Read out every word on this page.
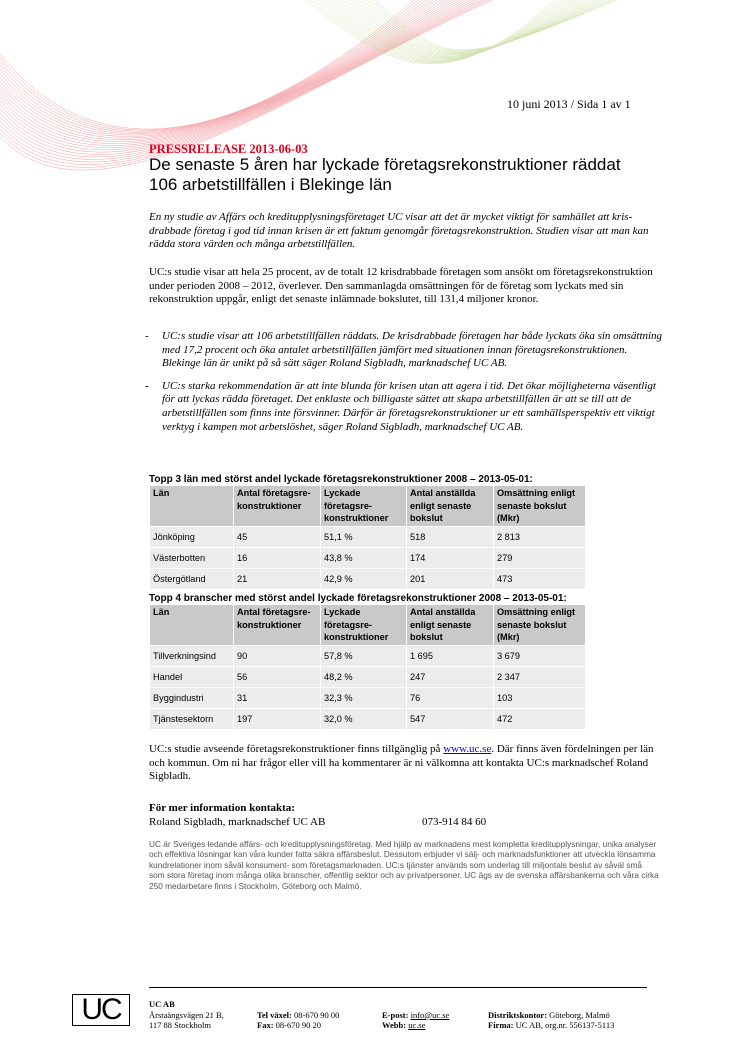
10 juni 2013 / Sida 1 av 1
PRESSRELEASE 2013-06-03
De senaste 5 åren har lyckade företagsrekonstruktioner räddat
106 arbetstillfällen i Blekinge län
En ny studie av Affärs och kreditupplysningsföretaget UC visar att det är mycket viktigt för samhället att krisdrabbade företag i god tid innan krisen är ett faktum genomgår företagsrekonstruktion. Studien visar att man kan rädda stora värden och många arbetstillfällen.
UC:s studie visar att hela 25 procent, av de totalt 12 krisdrabbade företagen som ansökt om företagsrekonstruktion under perioden 2008 – 2012, överlever. Den sammanlagda omsättningen för de företag som lyckats med sin rekonstruktion uppgår, enligt det senaste inlämnade bokslutet, till 131,4 miljoner kronor.
- UC:s studie visar att 106 arbetstillfällen räddats. De krisdrabbade företagen har både lyckats öka sin omsättning med 17,2 procent och öka antalet arbetstillfällen jämfört med situationen innan företagsrekonstruktionen. Blekinge län är unikt på så sätt säger Roland Sigbladh, marknadschef UC AB.
- UC:s starka rekommendation är att inte blunda för krisen utan att agera i tid. Det ökar möjligheterna väsentligt för att lyckas rädda företaget. Det enklaste och billigaste sättet att skapa arbetstillfällen är att se till att de arbetstillfällen som finns inte försvinner. Därför är företagsrekonstruktioner ur ett samhällsperspektiv ett viktigt verktyg i kampen mot arbetslöshet, säger Roland Sigbladh, marknadschef UC AB.
Topp 3 län med störst andel lyckade företagsrekonstruktioner 2008 – 2013-05-01:
Län	Antal företagsre-konstruktioner	Lyckade företagsre-konstruktioner	Antal anställda enligt senaste bokslut	Omsättning enligt senaste bokslut (Mkr)
Jönköping	45	51,1 %	518	2 813
Västerbotten	16	43,8 %	174	279
Östergötland	21	42,9 %	201	473
Topp 4 branscher med störst andel lyckade företagsrekonstruktioner 2008 – 2013-05-01:
Län	Antal företagsre-konstruktioner	Lyckade företagsre-konstruktioner	Antal anställda enligt senaste bokslut	Omsättning enligt senaste bokslut (Mkr)
Tillverkningsind	90	57,8 %	1 695	3 679
Handel	56	48,2 %	247	2 347
Byggindustri	31	32,3 %	76	103
Tjänstesektorn	197	32,0 %	547	472
UC:s studie avseende företagsrekonstruktioner finns tillgänglig på www.uc.se. Där finns även fördelningen per län och kommun. Om ni har frågor eller vill ha kommentarer är ni välkomna att kontakta UC:s marknadschef Roland Sigbladh.
För mer information kontakta:
Roland Sigbladh, marknadschef UC AB	073-914 84 60
UC är Sveriges ledande affärs- och kreditupplysningsföretag. Med hjälp av marknadens mest kompletta kreditupplysningar, unika analyser och effektiva lösningar kan våra kunder fatta säkra affärsbeslut. Dessutom erbjuder vi sälj- och marknadsfunktioner att utveckla lönsamma kundrelationer inom såväl konsument- som företagsmarknaden. UC:s tjänster används som underlag till miljontals beslut av såväl små som stora företag inom många olika branscher, offentlig sektor och av privatpersoner. UC ägs av de svenska affärsbankerna och våra cirka 250 medarbetare finns i Stockholm, Göteborg och Malmö.
UC	UC AB
Årstaängsvägen 21 B,
117 88 Stockholm
Tel växel: 08-670 90 00
Fax: 08-670 90 20
E-post: info@uc.se
Webb: uc.se
Distriktskontor: Göteborg, Malmö
Firma: UC AB, org.nr. 556137-5113
